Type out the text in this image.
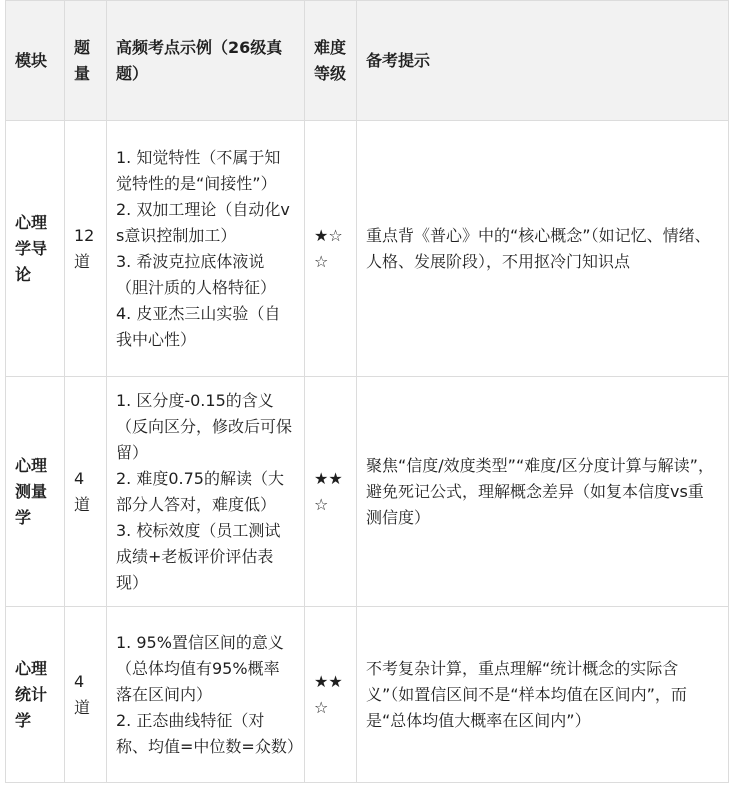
模块	题量	高频考点示例（26级真题）	难度等级	备考提示
心理学导论	12道	1. 知觉特性（不属于知觉特性的是“间接性”）
2. 双加工理论（自动化vs意识控制加工）
3. 希波克拉底体液说（胆汁质的人格特征）
4. 皮亚杰三山实验（自我中心性）	★☆☆	重点背《普心》中的“核心概念”（如记忆、情绪、人格、发展阶段），不用抠冷门知识点
心理测量学	4道	1. 区分度-0.15的含义（反向区分，修改后可保留）
2. 难度0.75的解读（大部分人答对，难度低）
3. 校标效度（员工测试成绩+老板评价评估表现）	★★☆	聚焦“信度/效度类型”“难度/区分度计算与解读”，避免死记公式，理解概念差异（如复本信度vs重测信度）
心理统计学	4道	1. 95%置信区间的意义（总体均值有95%概率落在区间内）
2. 正态曲线特征（对称、均值=中位数=众数）	★★☆	不考复杂计算，重点理解“统计概念的实际含义”（如置信区间不是“样本均值在区间内”，而是“总体均值大概率在区间内”）
